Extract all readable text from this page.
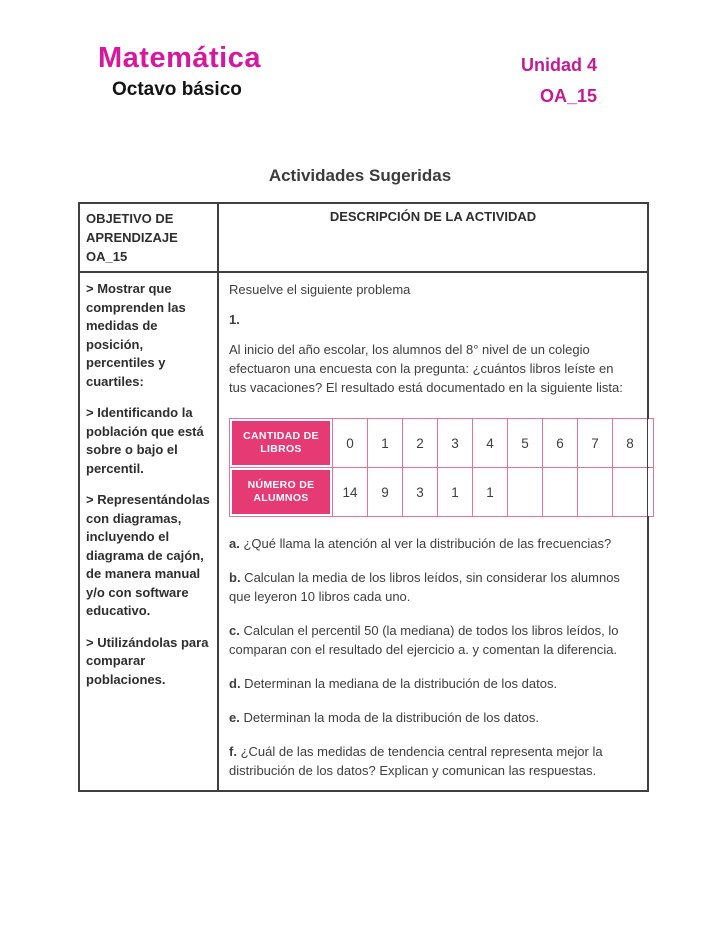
Matemática
Octavo básico
Unidad 4
OA_15
Actividades Sugeridas
OBJETIVO DE APRENDIZAJE OA_15	DESCRIPCIÓN DE LA ACTIVIDAD

> Mostrar que comprenden las medidas de posición, percentiles y cuartiles:
> Identificando la población que está sobre o bajo el percentil.
> Representándolas con diagramas, incluyendo el diagrama de cajón, de manera manual y/o con software educativo.
> Utilizándolas para comparar poblaciones.

Resuelve el siguiente problema
1.
Al inicio del año escolar, los alumnos del 8° nivel de un colegio efectuaron una encuesta con la pregunta: ¿cuántos libros leíste en tus vacaciones? El resultado está documentado en la siguiente lista:
CANTIDAD DE LIBROS	0	1	2	3	4	5	6	7	8
NÚMERO DE ALUMNOS	14	9	3	1	1
a. ¿Qué llama la atención al ver la distribución de las frecuencias?
b. Calculan la media de los libros leídos, sin considerar los alumnos que leyeron 10 libros cada uno.
c. Calculan el percentil 50 (la mediana) de todos los libros leídos, lo comparan con el resultado del ejercicio a. y comentan la diferencia.
d. Determinan la mediana de la distribución de los datos.
e. Determinan la moda de la distribución de los datos.
f. ¿Cuál de las medidas de tendencia central representa mejor la distribución de los datos? Explican y comunican las respuestas.
